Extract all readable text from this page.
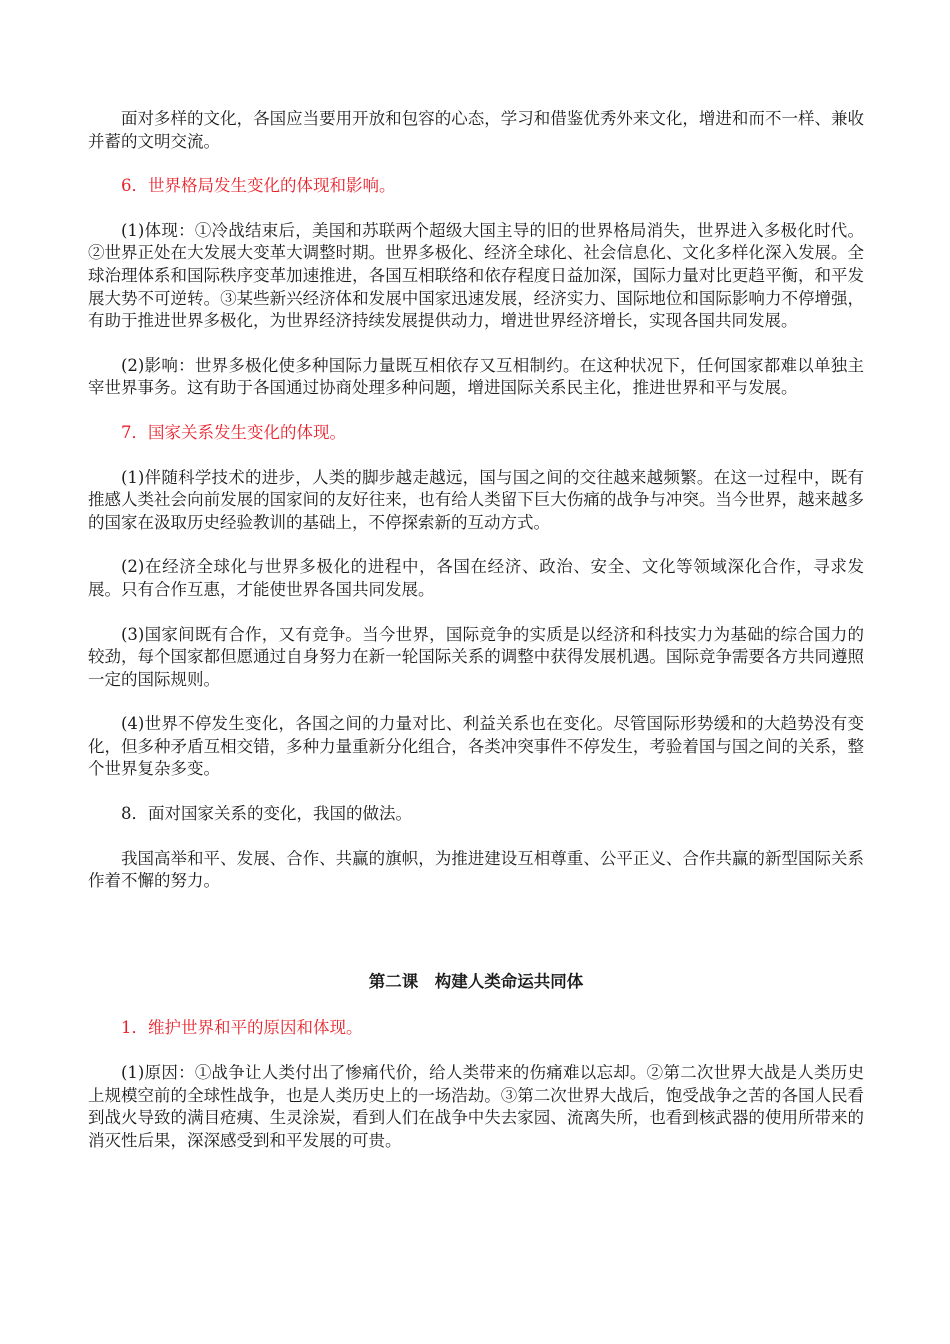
面对多样的文化，各国应当要用开放和包容的心态，学习和借鉴优秀外来文化，增进和而不一样、兼收并蓄的文明交流。

6．世界格局发生变化的体现和影响。

(1)体现：①冷战结束后，美国和苏联两个超级大国主导的旧的世界格局消失，世界进入多极化时代。②世界正处在大发展大变革大调整时期。世界多极化、经济全球化、社会信息化、文化多样化深入发展。全球治理体系和国际秩序变革加速推进，各国互相联络和依存程度日益加深，国际力量对比更趋平衡，和平发展大势不可逆转。③某些新兴经济体和发展中国家迅速发展，经济实力、国际地位和国际影响力不停增强，有助于推进世界多极化，为世界经济持续发展提供动力，增进世界经济增长，实现各国共同发展。

(2)影响：世界多极化使多种国际力量既互相依存又互相制约。在这种状况下，任何国家都难以单独主宰世界事务。这有助于各国通过协商处理多种问题，增进国际关系民主化，推进世界和平与发展。

7．国家关系发生变化的体现。

(1)伴随科学技术的进步，人类的脚步越走越远，国与国之间的交往越来越频繁。在这一过程中，既有推感人类社会向前发展的国家间的友好往来，也有给人类留下巨大伤痛的战争与冲突。当今世界，越来越多的国家在汲取历史经验教训的基础上，不停探索新的互动方式。

(2)在经济全球化与世界多极化的进程中，各国在经济、政治、安全、文化等领域深化合作，寻求发展。只有合作互惠，才能使世界各国共同发展。

(3)国家间既有合作，又有竞争。当今世界，国际竞争的实质是以经济和科技实力为基础的综合国力的较劲，每个国家都但愿通过自身努力在新一轮国际关系的调整中获得发展机遇。国际竞争需要各方共同遵照一定的国际规则。

(4)世界不停发生变化，各国之间的力量对比、利益关系也在变化。尽管国际形势缓和的大趋势没有变化，但多种矛盾互相交错，多种力量重新分化组合，各类冲突事件不停发生，考验着国与国之间的关系，整个世界复杂多变。

8．面对国家关系的变化，我国的做法。

我国高举和平、发展、合作、共赢的旗帜，为推进建设互相尊重、公平正义、合作共赢的新型国际关系作着不懈的努力。

第二课　构建人类命运共同体

1．维护世界和平的原因和体现。

(1)原因：①战争让人类付出了惨痛代价，给人类带来的伤痛难以忘却。②第二次世界大战是人类历史上规模空前的全球性战争，也是人类历史上的一场浩劫。③第二次世界大战后，饱受战争之苦的各国人民看到战火导致的满目疮痍、生灵涂炭，看到人们在战争中失去家园、流离失所，也看到核武器的使用所带来的消灭性后果，深深感受到和平发展的可贵。
